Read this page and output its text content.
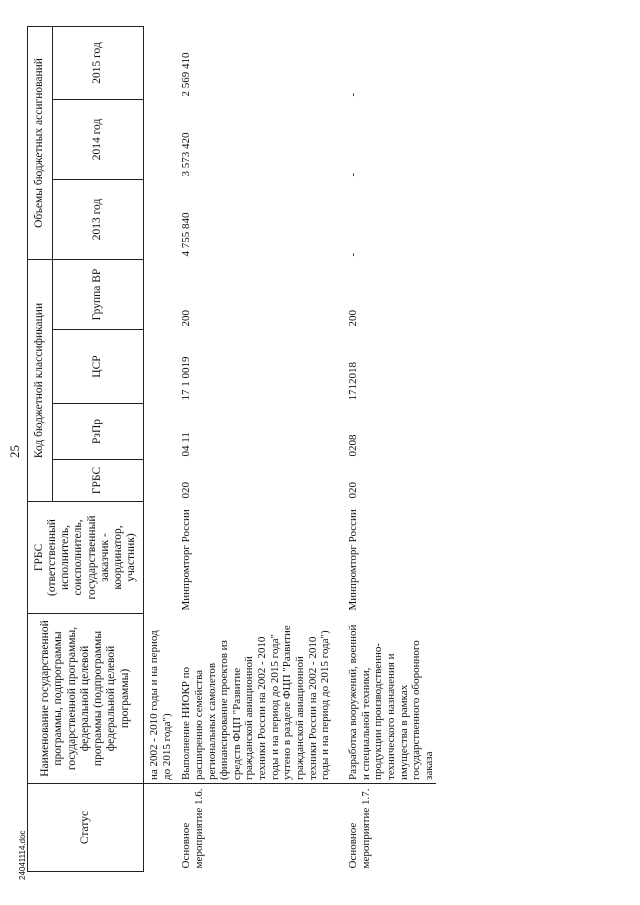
25
Статус	Наименование государственной программы, подпрограммы государственной программы, федеральной целевой программы (подпрограммы федеральной целевой программы)	ГРБС (ответственный исполнитель, соисполнитель, государственный заказчик - координатор, участник)	Код бюджетной классификации				Объемы бюджетных ассигнований		
			ГРБС	РзПр	ЦСР	Группа ВР	2013 год	2014 год	2015 год
	на 2002 - 2010 годы и на период до 2015 года")								
Основное мероприятие 1.6.	Выполнение НИОКР по расширению семейства региональных самолетов (финансирование проектов из средств ФЦП "Развитие гражданской авиационной техники России на 2002 - 2010 годы и на период до 2015 года" учтено в разделе ФЦП "Развитие гражданской авиационной техники России на 2002 - 2010 годы и на период до 2015 года")	Минпромторг России	020	04 11	17 1 0019	200	4 755 840	3 573 420	2 569 410
Основное мероприятие 1.7.	Разработка вооружений, военной и специальной техники, продукции производственно-технического назначения и имущества в рамках государственного оборонного заказа	Минпромторг России	020	0208	1712018	200	-	-	-
24041114.doc
